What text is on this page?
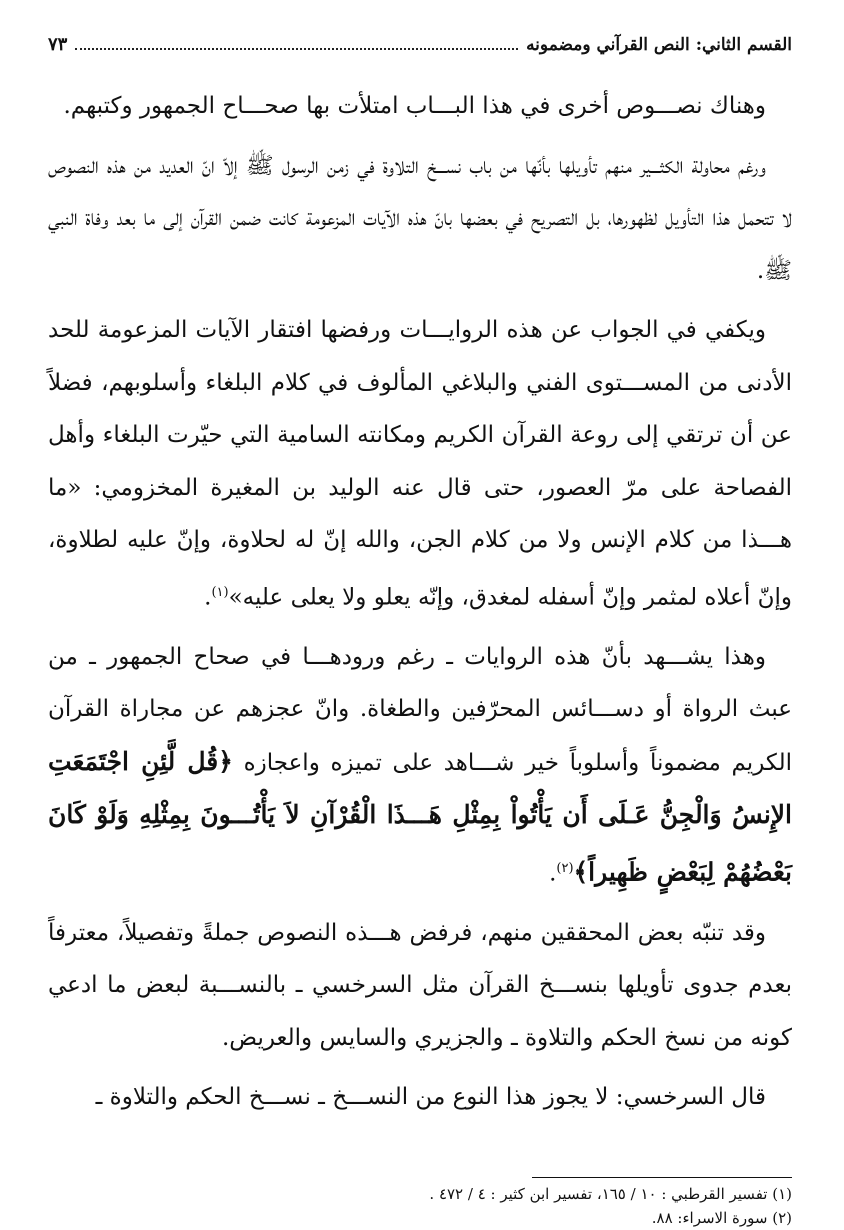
القسم الثاني: النص القرآني ومضمونه
٧٣

وهناك نصـــوص أخرى في هذا البـــاب امتلأت بها صحـــاح الجمهور وكتبهم.

ورغم محاولة الكثـــير منهم تأويلها بأنّها من باب نســـخ التلاوة في زمن الرسول ﷺ إلاّ انّ العديد من هذه النصوص لا تتحمل هذا التأويل لظهورها، بل التصريح في بعضها بانّ هذه الآيات المزعومة كانت ضمن القرآن إلى ما بعد وفاة النبي ﷺ.

ويكفي في الجواب عن هذه الروايـــات ورفضها افتقار الآيات المزعومة للحد الأدنى من المســـتوى الفني والبلاغي المألوف في كلام البلغاء وأسلوبهم، فضلاً عن أن ترتقي إلى روعة القرآن الكريم ومكانته السامية التي حيّرت البلغاء وأهل الفصاحة على مرّ العصور، حتى قال عنه الوليد بن المغيرة المخزومي: «ما هـــذا من كلام الإنس ولا من كلام الجن، والله إنّ له لحلاوة، وإنّ عليه لطلاوة، وإنّ أعلاه لمثمر وإنّ أسفله لمغدق، وإنّه يعلو ولا يعلى عليه»$^{(١)}$.

وهذا يشـــهد بأنّ هذه الروايات ـ رغم ورودهـــا في صحاح الجمهور ـ من عبث الرواة أو دســـائس المحرّفين والطغاة. وانّ عجزهم عن مجاراة القرآن الكريم مضموناً وأسلوباً خير شـــاهد على تميزه واعجازه ﴿قُل لَّئِنِ اجْتَمَعَتِ الإِنسُ وَالْجِنُّ عَـلَى أَن يَأْتُواْ بِمِثْلِ هَـــذَا الْقُرْآنِ لاَ يَأْتُـــونَ بِمِثْلِهِ وَلَوْ كَانَ بَعْضُهُمْ لِبَعْضٍ ظَهِيراً﴾$^{(٢)}$.

وقد تنبّه بعض المحققين منهم، فرفض هـــذه النصوص جملةً وتفصيلاً، معترفاً بعدم جدوى تأويلها بنســـخ القرآن مثل السرخسي ـ بالنســـبة لبعض ما ادعي كونه من نسخ الحكم والتلاوة ـ والجزيري والسايس والعريض.

قال السرخسي: لا يجوز هذا النوع من النســـخ ـ نســـخ الحكم والتلاوة ـ

(١) تفسير القرطبي : ١٠ / ١٦٥، تفسير ابن كثير : ٤ / ٤٧٢ .
(٢) سورة الاسراء: ٨٨.
